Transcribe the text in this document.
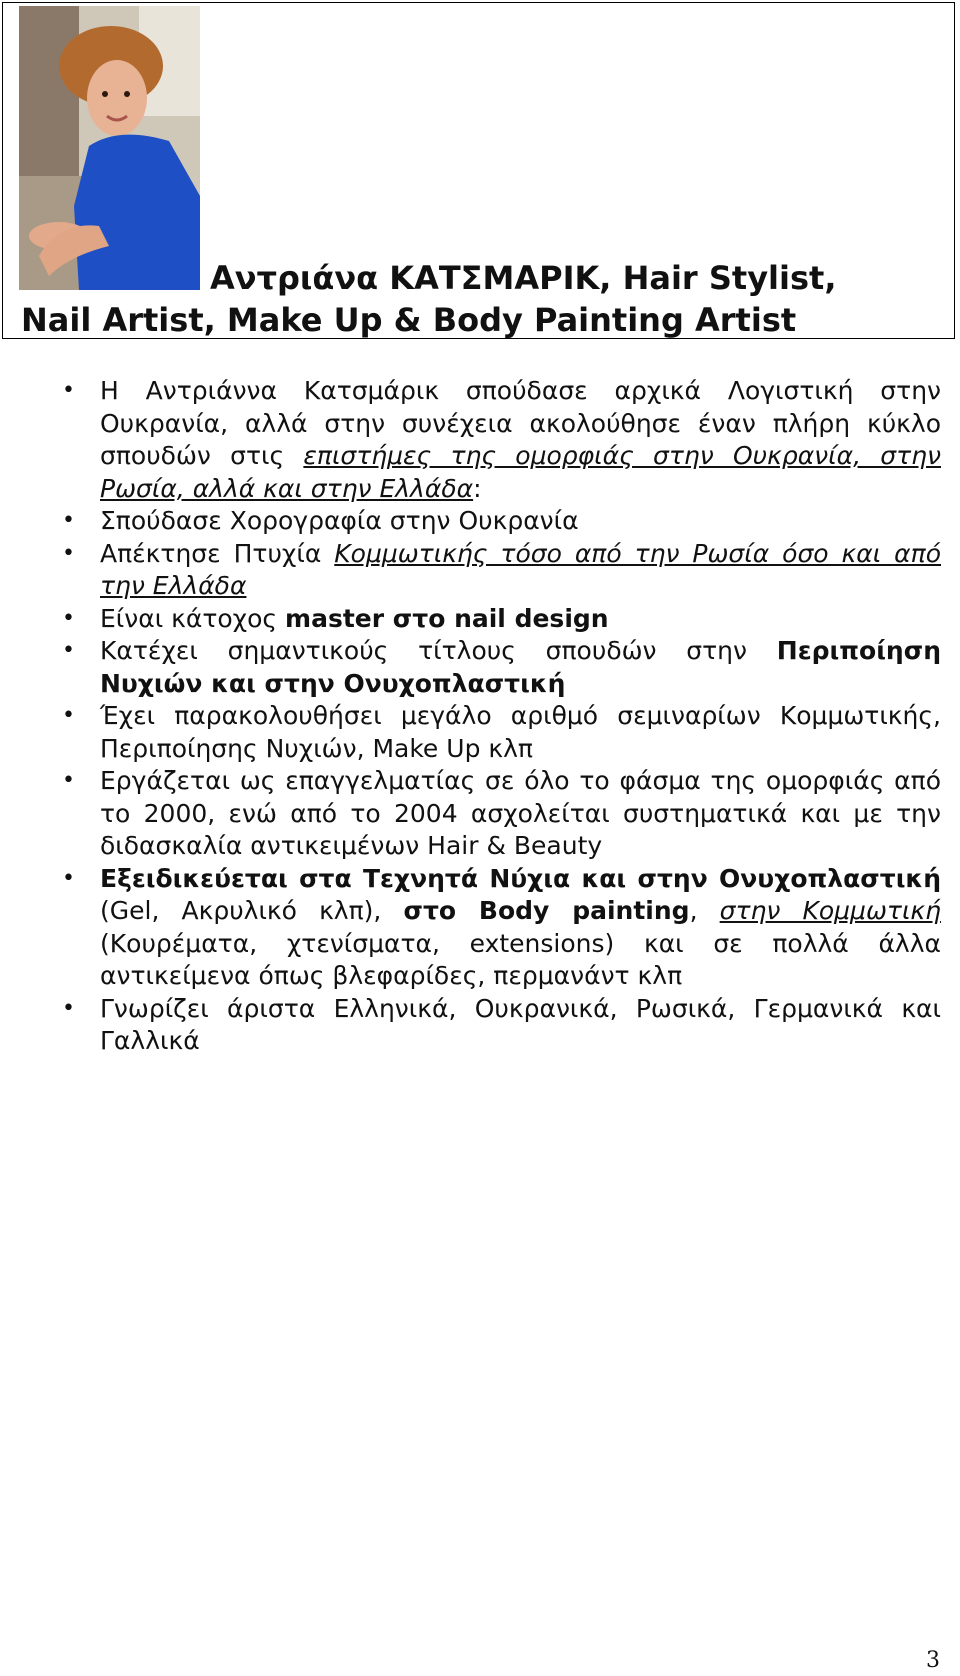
Αντριάνα ΚΑΤΣΜΑΡΙΚ, Hair Stylist,
Nail Artist, Make Up & Body Painting Artist
• Η Αντριάννα Κατσμάρικ σπούδασε αρχικά Λογιστική στην Ουκρανία, αλλά στην συνέχεια ακολούθησε έναν πλήρη κύκλο σπουδών στις επιστήμες της ομορφιάς στην Ουκρανία, στην Ρωσία, αλλά και στην Ελλάδα:
• Σπούδασε Χορογραφία στην Ουκρανία
• Απέκτησε Πτυχία Κομμωτικής τόσο από την Ρωσία όσο και από την Ελλάδα
• Είναι κάτοχος master στο nail design
• Κατέχει σημαντικούς τίτλους σπουδών στην Περιποίηση Νυχιών και στην Ονυχοπλαστική
• Έχει παρακολουθήσει μεγάλο αριθμό σεμιναρίων Κομμωτικής, Περιποίησης Νυχιών, Make Up κλπ
• Εργάζεται ως επαγγελματίας σε όλο το φάσμα της ομορφιάς από το 2000, ενώ από το 2004 ασχολείται συστηματικά και με την διδασκαλία αντικειμένων Hair & Beauty
• Εξειδικεύεται στα Τεχνητά Νύχια και στην Ονυχοπλαστική (Gel, Ακρυλικό κλπ), στο Body painting, στην Κομμωτική (Κουρέματα, χτενίσματα, extensions) και σε πολλά άλλα αντικείμενα όπως βλεφαρίδες, περμανάντ κλπ
• Γνωρίζει άριστα Ελληνικά, Ουκρανικά, Ρωσικά, Γερμανικά και Γαλλικά
3
